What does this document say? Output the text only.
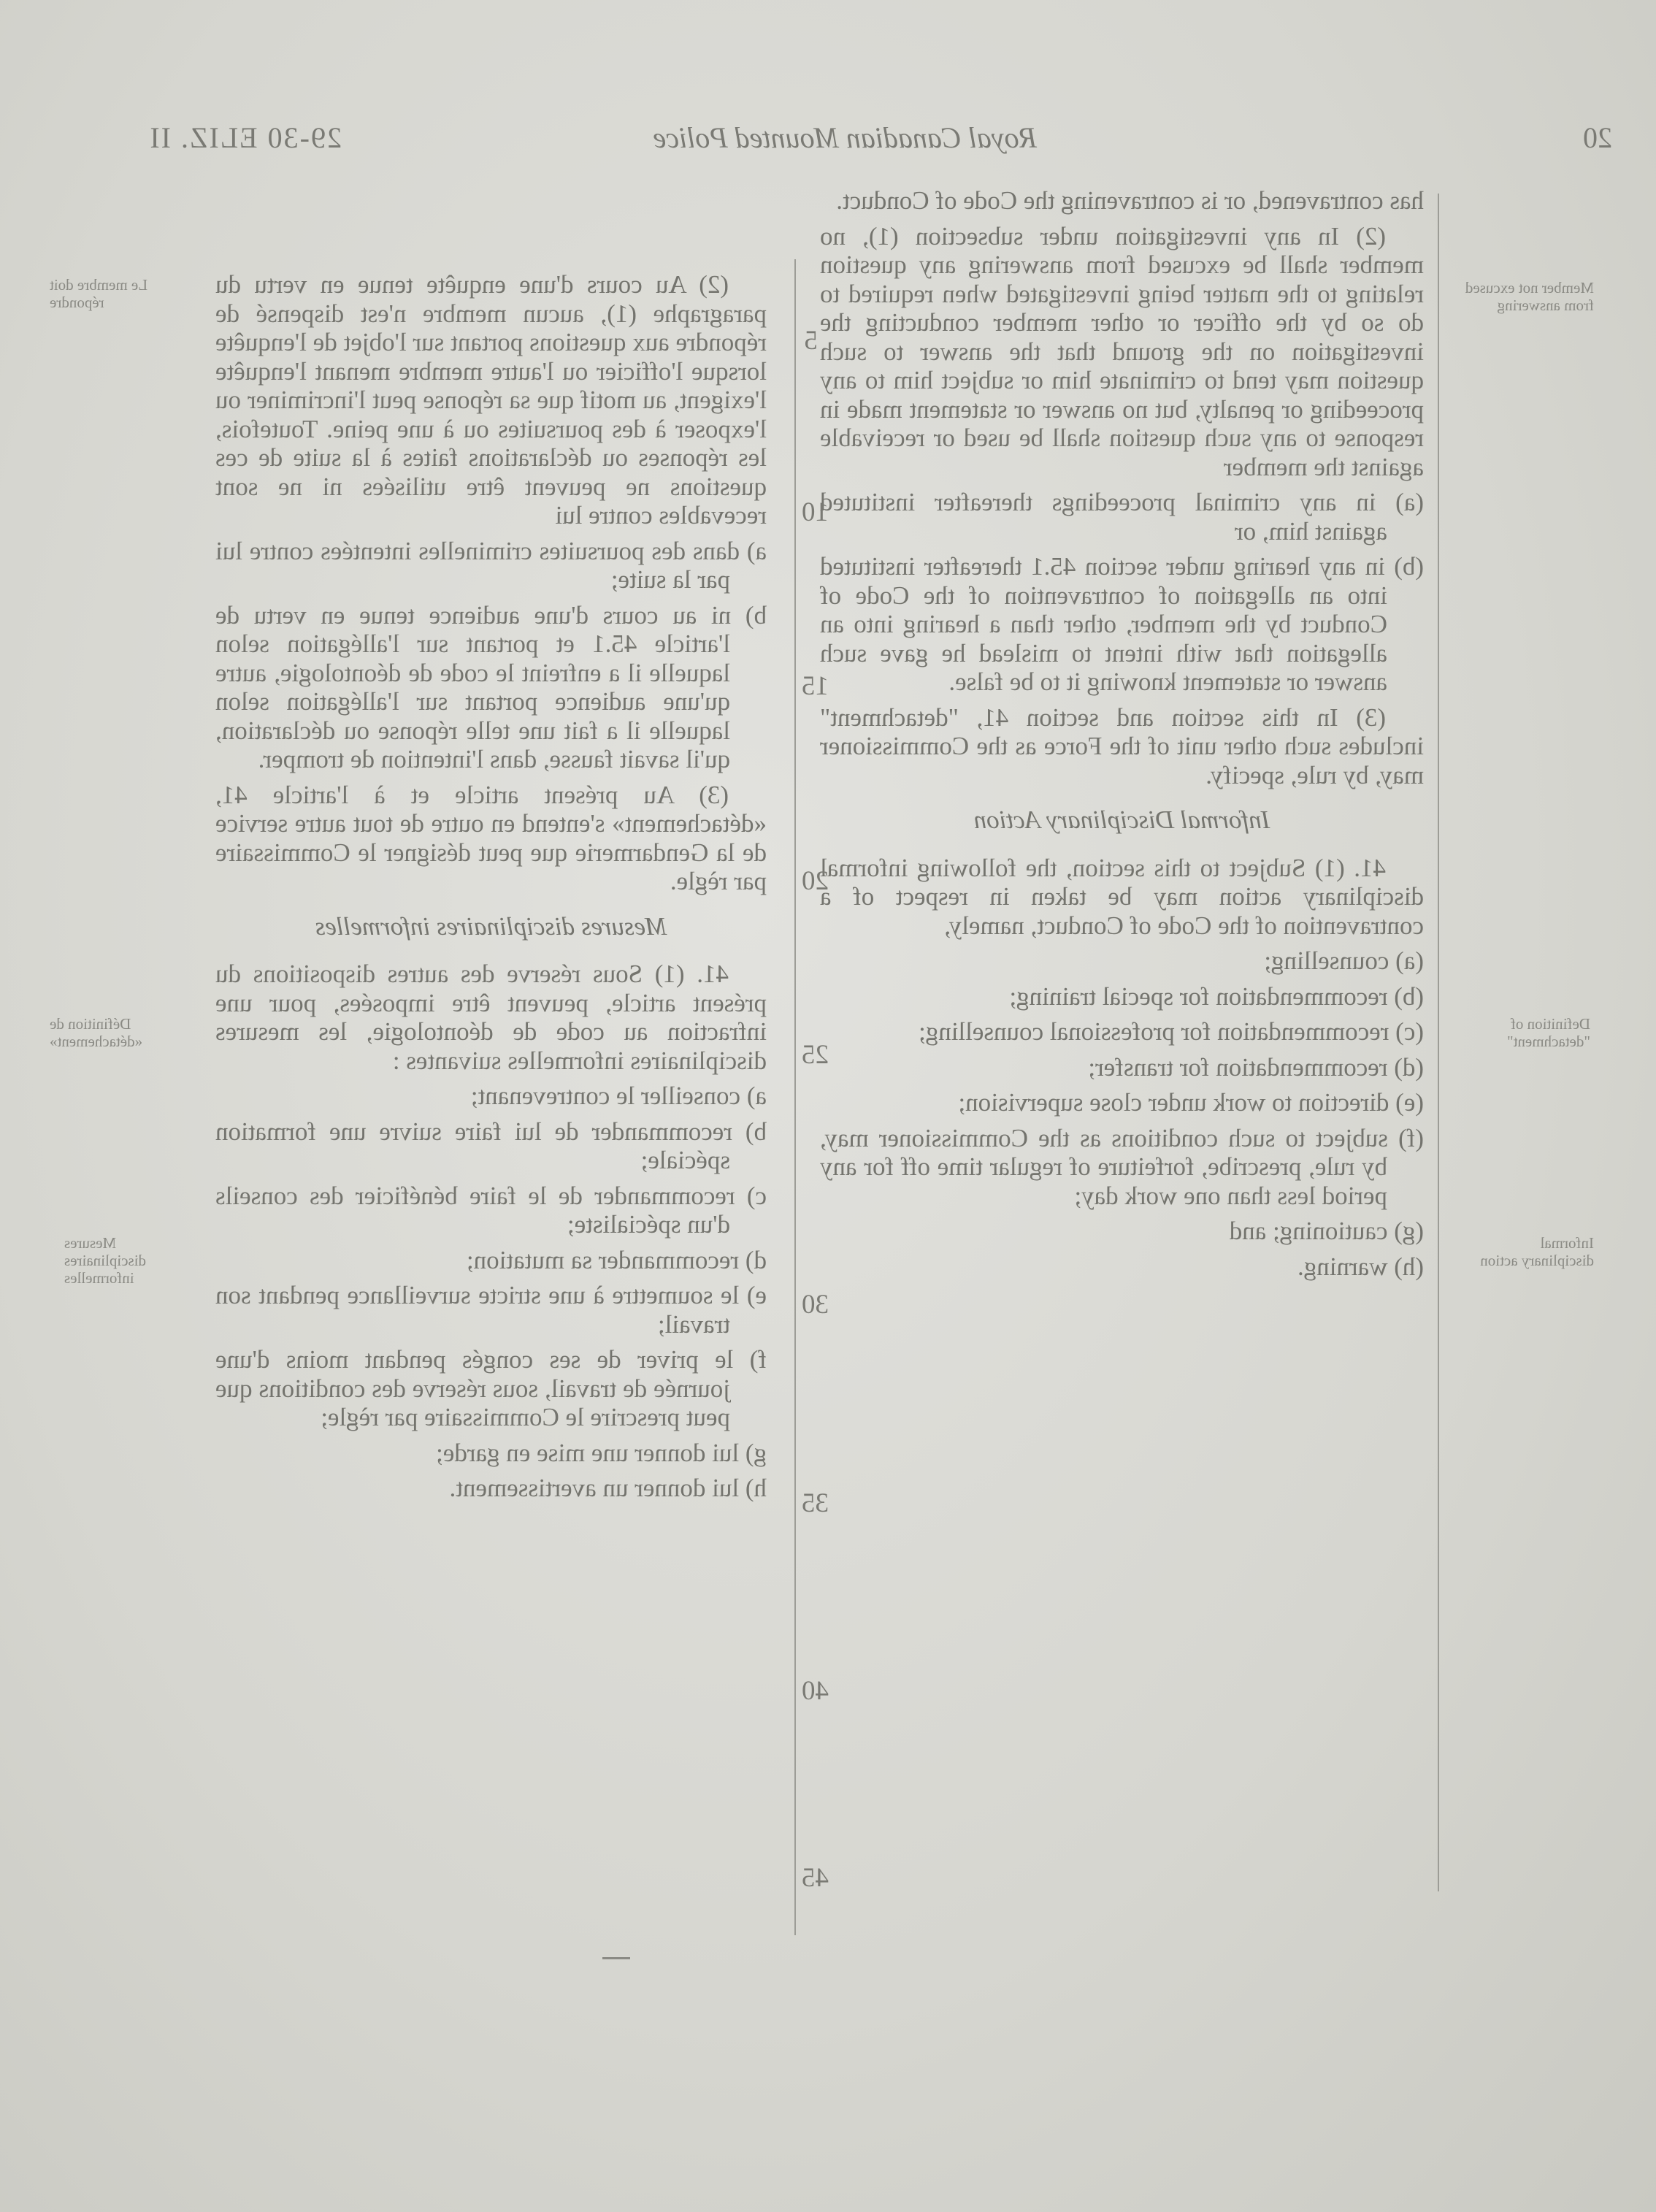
20
Royal Canadian Mounted Police
29-30 ELIZ. II

has contravened, or is contravening the Code of Conduct.

(2) In any investigation under subsection (1), no member shall be excused from answering any question relating to the matter being investigated when required to do so by the officer or other member conducting the investigation on the ground that the answer to such question may tend to criminate him or subject him to any proceeding or penalty, but no answer or statement made in response to any such question shall be used or receivable against the member

(a) in any criminal proceedings thereafter instituted against him, or

(b) in any hearing under section 45.1 thereafter instituted into an allegation of contravention of the Code of Conduct by the member, other than a hearing into an allegation that with intent to mislead he gave such answer or statement knowing it to be false.

(3) In this section and section 41, "detachment" includes such other unit of the Force as the Commissioner may, by rule, specify.

Informal Disciplinary Action

41. (1) Subject to this section, the following informal disciplinary action may be taken in respect of a contravention of the Code of Conduct, namely,

(a) counselling;

(b) recommendation for special training;

(c) recommendation for professional counselling;

(d) recommendation for transfer;

(e) direction to work under close supervision;

(f) subject to such conditions as the Commissioner may, by rule, prescribe, forfeiture of regular time off for any period less than one work day;

(g) cautioning; and

(h) warning.

5
10
15
20
25
30
35
40
45

(2) Au cours d'une enquête tenue en vertu du paragraphe (1), aucun membre n'est dispensé de répondre aux questions portant sur l'objet de l'enquête lorsque l'officier ou l'autre membre menant l'enquête l'exigent, au motif que sa réponse peut l'incriminer ou l'exposer à des poursuites ou à une peine. Toutefois, les réponses ou déclarations faites à la suite de ces questions ne peuvent être utilisées ni ne sont recevables contre lui

a) dans des poursuites criminelles intentées contre lui par la suite;

b) ni au cours d'une audience tenue en vertu de l'article 45.1 et portant sur l'allégation selon laquelle il a enfreint le code de déontologie, autre qu'une audience portant sur l'allégation selon laquelle il a fait une telle réponse ou déclaration, qu'il savait fausse, dans l'intention de tromper.

(3) Au présent article et à l'article 41, «détachement» s'entend en outre de tout autre service de la Gendarmerie que peut désigner le Commissaire par règle.

Mesures disciplinaires informelles

41. (1) Sous réserve des autres dispositions du présent article, peuvent être imposées, pour une infraction au code de déontologie, les mesures disciplinaires informelles suivantes :

a) conseiller le contrevenant;

b) recommander de lui faire suivre une formation spéciale;

c) recommander de le faire bénéficier des conseils d'un spécialiste;

d) recommander sa mutation;

e) le soumettre à une stricte surveillance pendant son travail;

f) le priver de ses congés pendant moins d'une journée de travail, sous réserve des conditions que peut prescrire le Commissaire par règle;

g) lui donner une mise en garde;

h) lui donner un avertissement.

Member not excused from answering
Definition of "detachment"
Informal disciplinary action
Le membre doit répondre
Définition de «détachement»
Mesures disciplinaires informelles
